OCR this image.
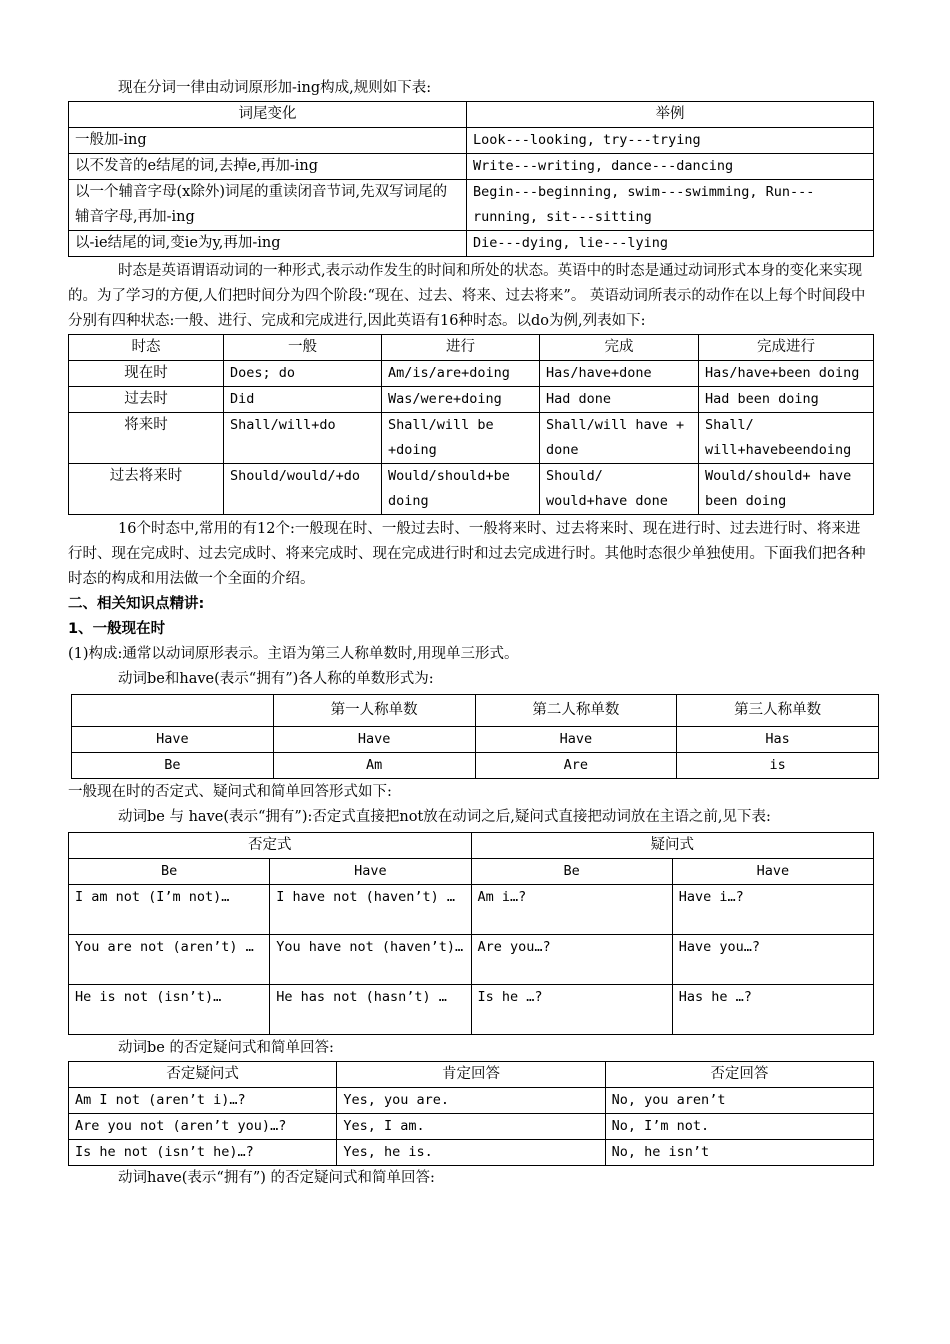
现在分词一律由动词原形加-ing构成,规则如下表:

词尾变化	举例
一般加-ing	Look---looking, try---trying
以不发音的e结尾的词,去掉e,再加-ing	Write---writing, dance---dancing
以一个辅音字母(x除外)词尾的重读闭音节词,先双写词尾的辅音字母,再加-ing	Begin---beginning, swim---swimming, Run---running, sit---sitting
以-ie结尾的词,变ie为y,再加-ing	Die---dying, lie---lying

时态是英语谓语动词的一种形式,表示动作发生的时间和所处的状态。英语中的时态是通过动词形式本身的变化来实现的。为了学习的方便,人们把时间分为四个阶段:“现在、过去、将来、过去将来”。 英语动词所表示的动作在以上每个时间段中分别有四种状态:一般、进行、完成和完成进行,因此英语有16种时态。以do为例,列表如下:

时态	一般	进行	完成	完成进行
现在时	Does; do	Am/is/are+doing	Has/have+done	Has/have+been doing
过去时	Did	Was/were+doing	Had done	Had been doing
将来时	Shall/will+do	Shall/will be +doing	Shall/will have + done	Shall/ will+havebeendoing
过去将来时	Should/would/+do	Would/should+be doing	Should/ would+have done	Would/should+ have been doing

16个时态中,常用的有12个:一般现在时、一般过去时、一般将来时、过去将来时、现在进行时、过去进行时、将来进行时、现在完成时、过去完成时、将来完成时、现在完成进行时和过去完成进行时。其他时态很少单独使用。下面我们把各种时态的构成和用法做一个全面的介绍。

二、相关知识点精讲:

1、一般现在时

(1)构成:通常以动词原形表示。主语为第三人称单数时,用现单三形式。

动词be和have(表示“拥有”)各人称的单数形式为:

	第一人称单数	第二人称单数	第三人称单数
Have	Have	Have	Has
Be	Am	Are	is

一般现在时的否定式、疑问式和简单回答形式如下:

动词be 与 have(表示“拥有”):否定式直接把not放在动词之后,疑问式直接把动词放在主语之前,见下表:

否定式		疑问式	
Be	Have	Be	Have
I am not (I’m not)…	I have not (haven’t) …	Am i…?	Have i…?
You are not (aren’t) …	You have not (haven’t)…	Are you…?	Have you…?
He is not (isn’t)…	He has not (hasn’t) …	Is he …?	Has he …?

动词be 的否定疑问式和简单回答:

否定疑问式	肯定回答	否定回答
Am I not (aren’t i)…?	Yes, you are.	No, you aren’t
Are you not (aren’t you)…?	Yes, I am.	No, I’m not.
Is he not (isn’t he)…?	Yes, he is.	No, he isn’t

动词have(表示“拥有”) 的否定疑问式和简单回答:
